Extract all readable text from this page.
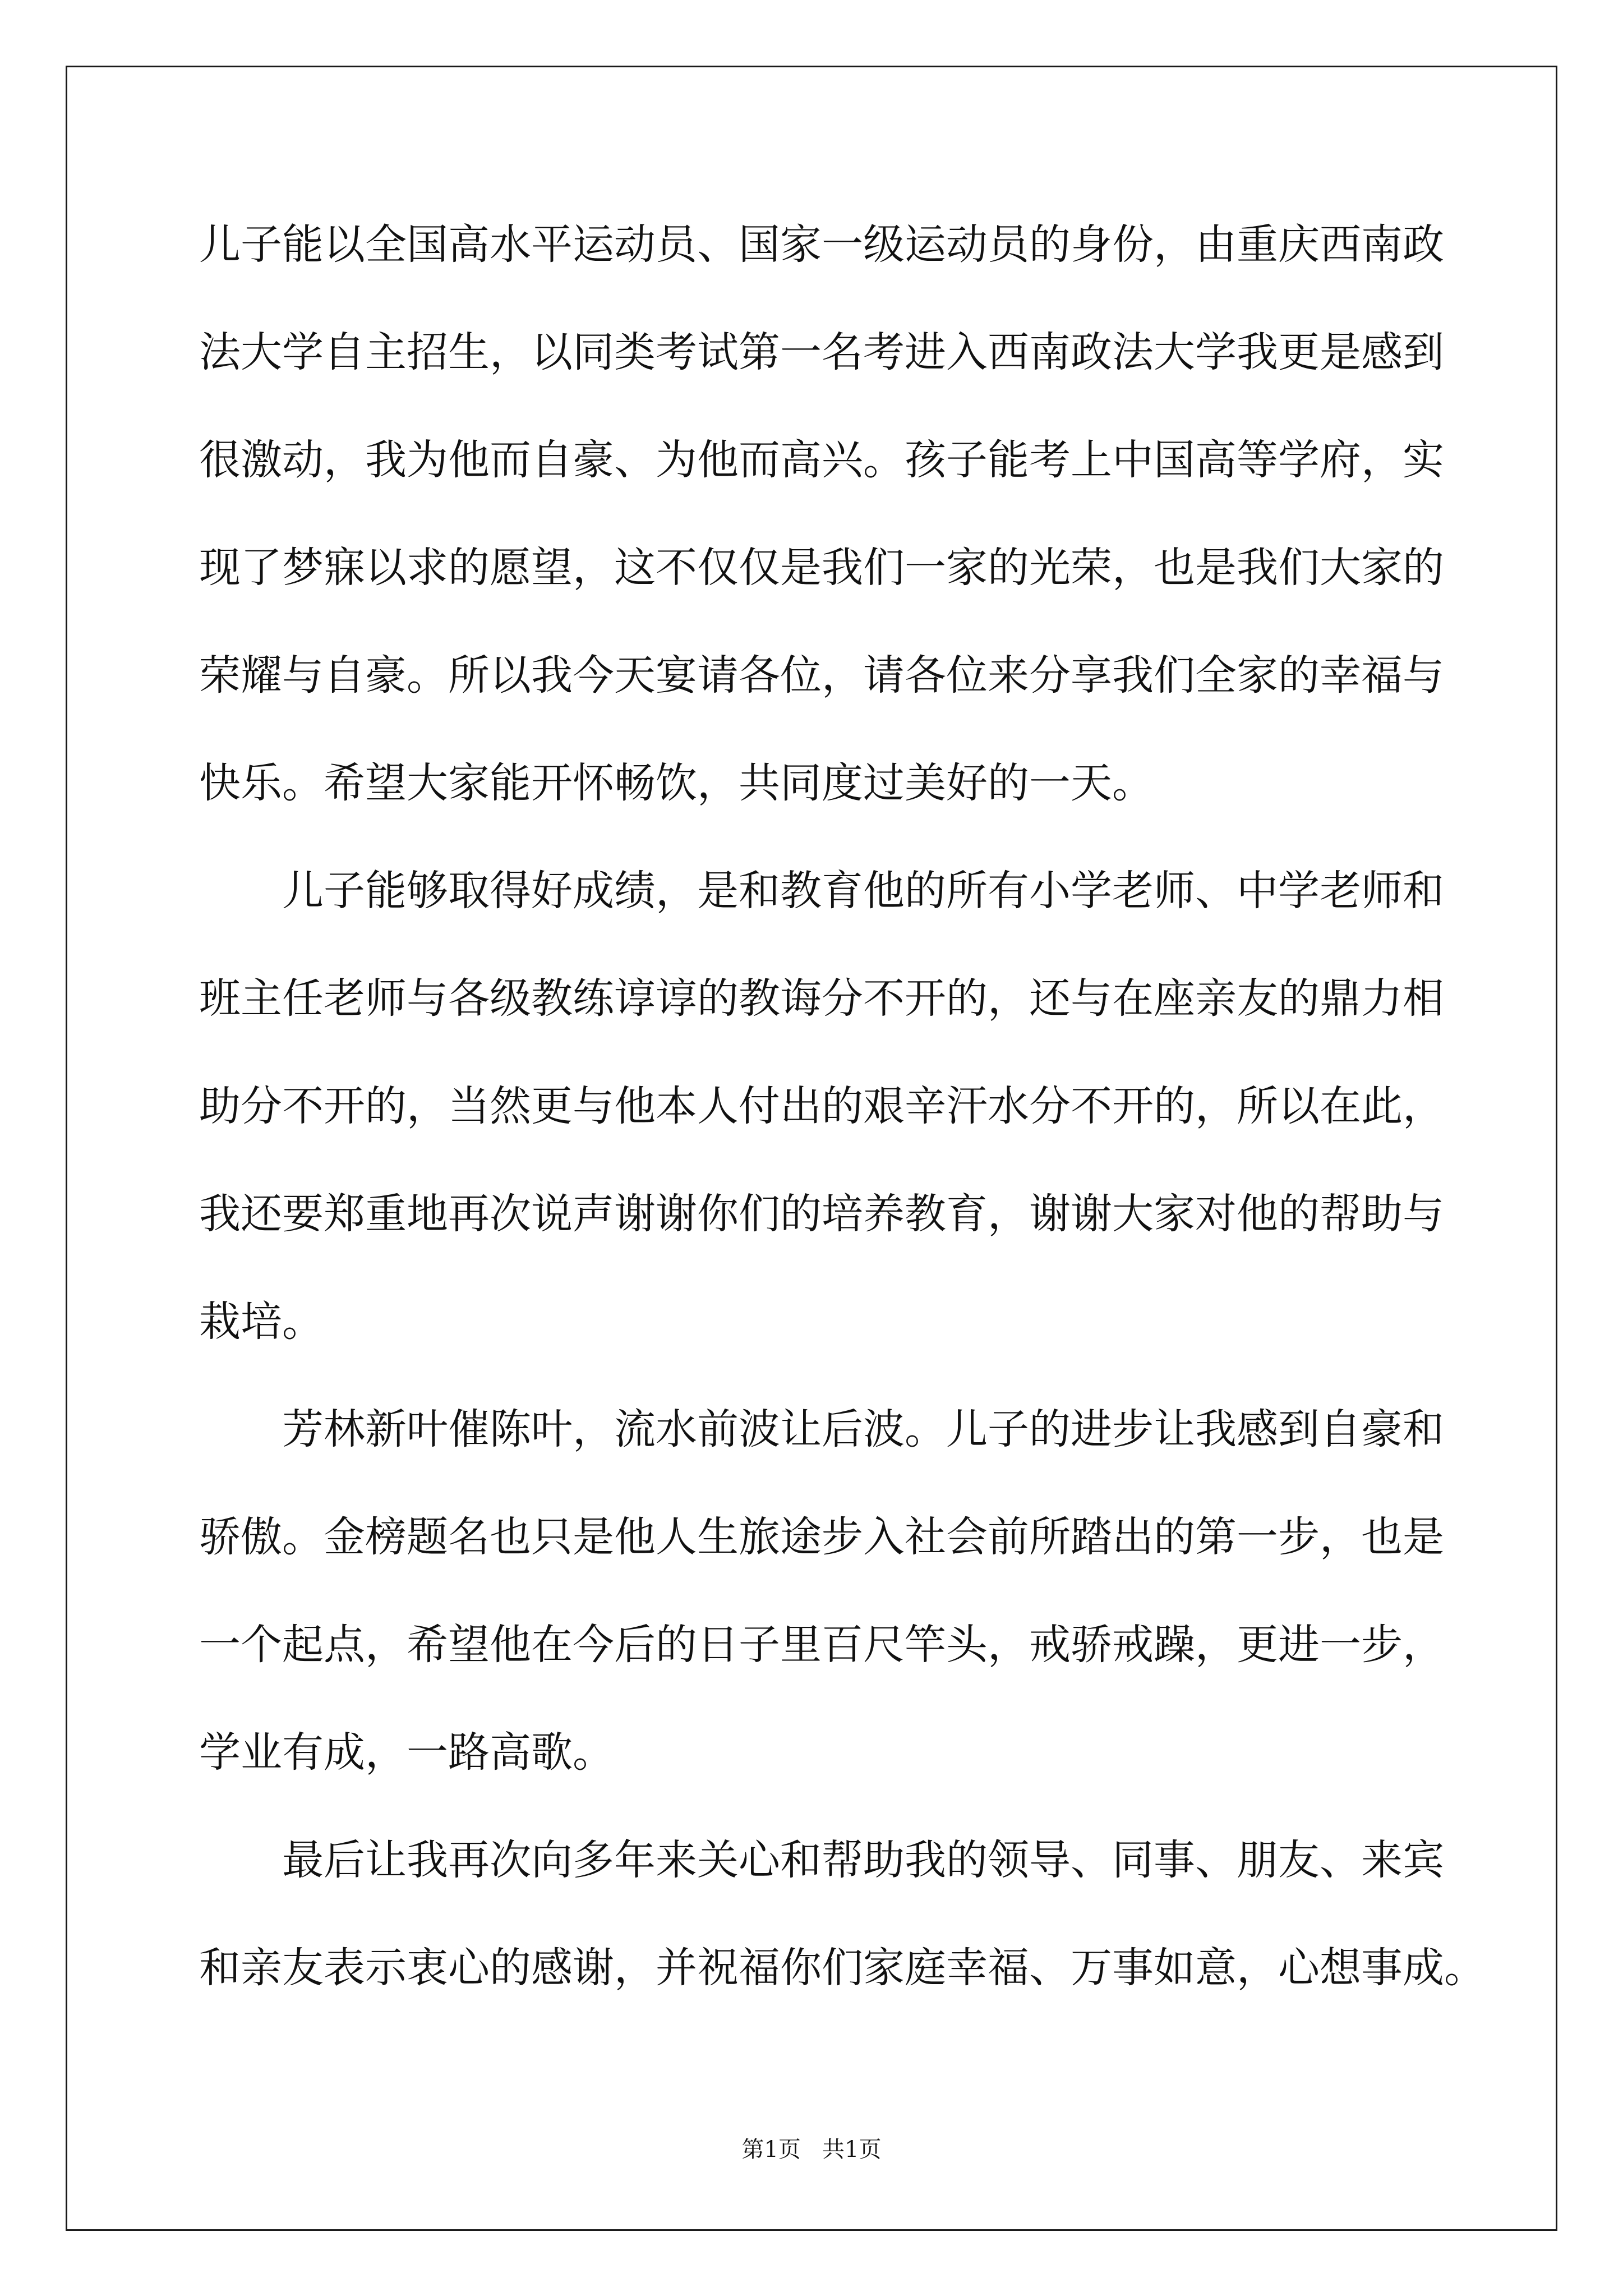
儿子能以全国高水平运动员、国家一级运动员的身份，由重庆西南政
法大学自主招生，以同类考试第一名考进入西南政法大学我更是感到
很激动，我为他而自豪、为他而高兴。孩子能考上中国高等学府，实
现了梦寐以求的愿望，这不仅仅是我们一家的光荣，也是我们大家的
荣耀与自豪。所以我今天宴请各位，请各位来分享我们全家的幸福与
快乐。希望大家能开怀畅饮，共同度过美好的一天。
儿子能够取得好成绩，是和教育他的所有小学老师、中学老师和
班主任老师与各级教练谆谆的教诲分不开的，还与在座亲友的鼎力相
助分不开的，当然更与他本人付出的艰辛汗水分不开的，所以在此，
我还要郑重地再次说声谢谢你们的培养教育，谢谢大家对他的帮助与
栽培。
芳林新叶催陈叶，流水前波让后波。儿子的进步让我感到自豪和
骄傲。金榜题名也只是他人生旅途步入社会前所踏出的第一步，也是
一个起点，希望他在今后的日子里百尺竿头，戒骄戒躁，更进一步，
学业有成，一路高歌。
最后让我再次向多年来关心和帮助我的领导、同事、朋友、来宾
和亲友表示衷心的感谢，并祝福你们家庭幸福、万事如意，心想事成。
第1页   共1页
